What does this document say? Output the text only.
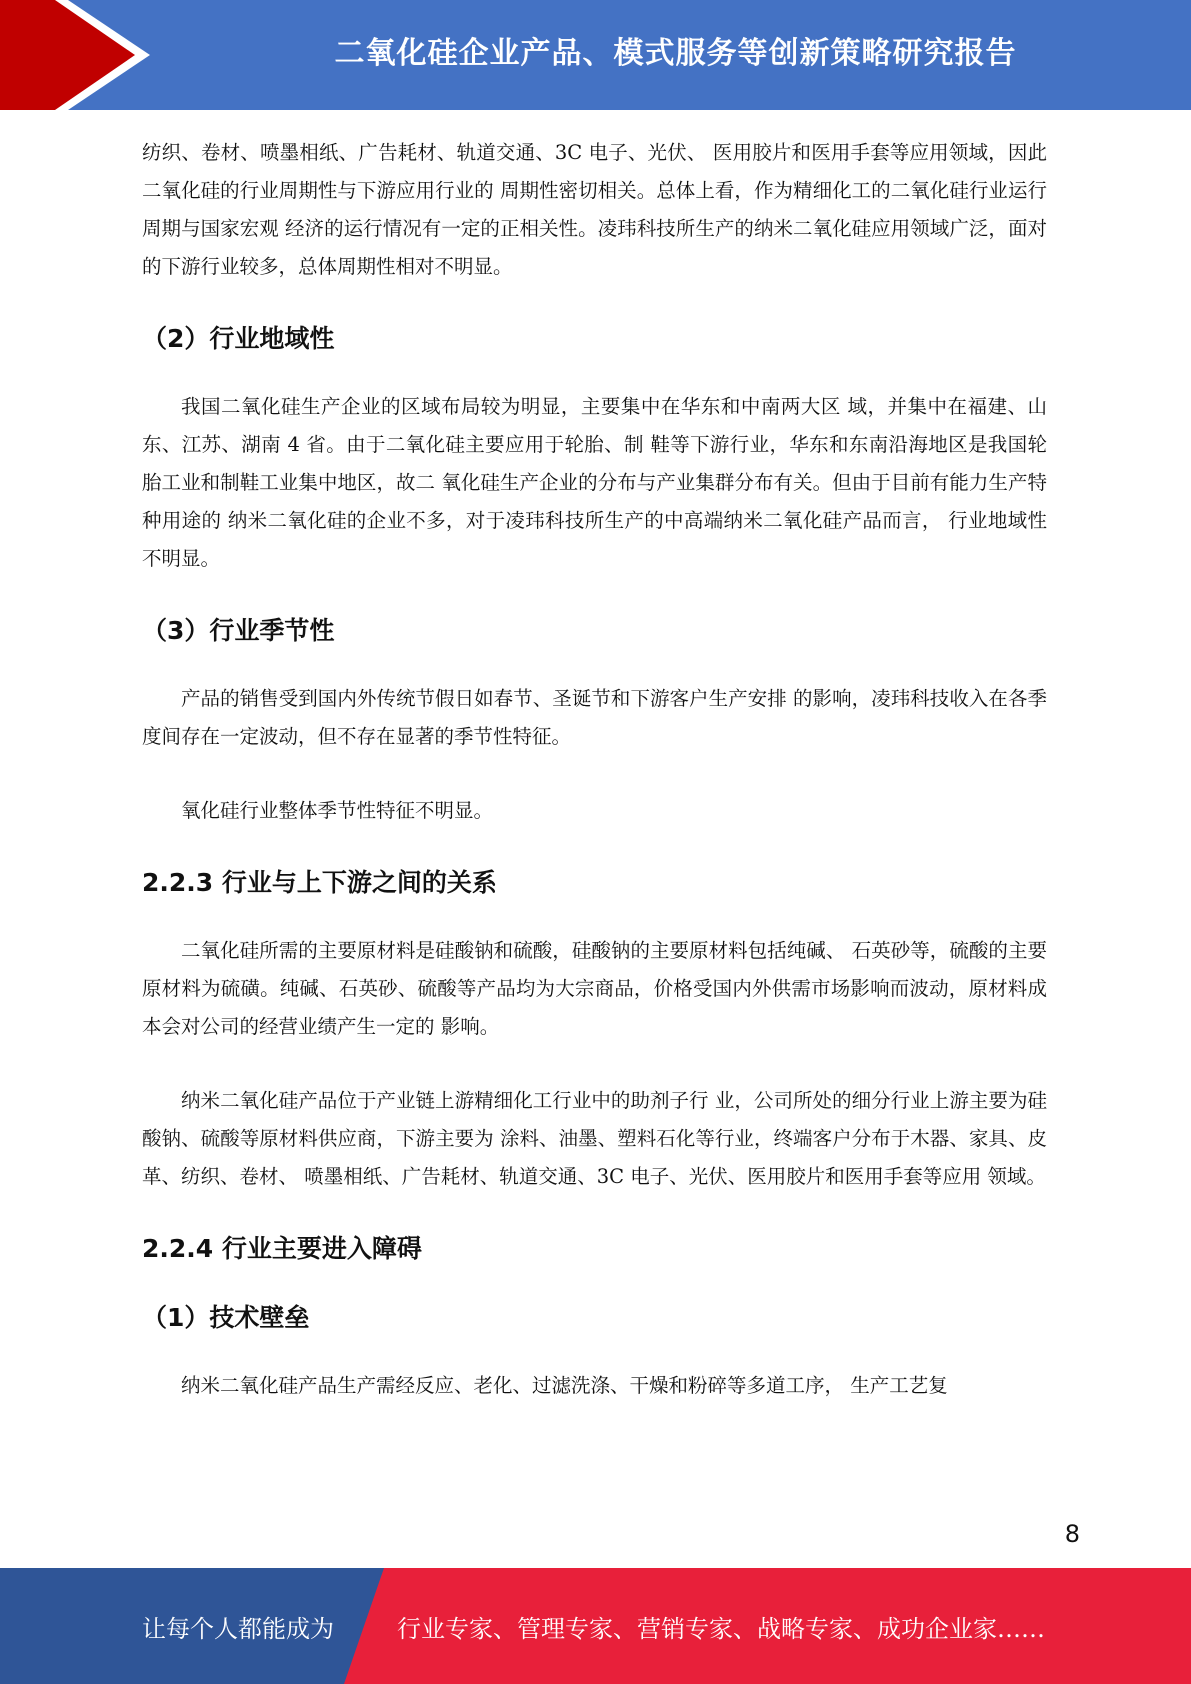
二氧化硅企业产品、模式服务等创新策略研究报告

纺织、卷材、喷墨相纸、广告耗材、轨道交通、3C 电子、光伏、 医用胶片和医用手套等应用领域，因此二氧化硅的行业周期性与下游应用行业的 周期性密切相关。总体上看，作为精细化工的二氧化硅行业运行周期与国家宏观 经济的运行情况有一定的正相关性。凌玮科技所生产的纳米二氧化硅应用领域广泛，面对的下游行业较多，总体周期性相对不明显。

（2）行业地域性

我国二氧化硅生产企业的区域布局较为明显，主要集中在华东和中南两大区 域，并集中在福建、山东、江苏、湖南 4 省。由于二氧化硅主要应用于轮胎、制 鞋等下游行业，华东和东南沿海地区是我国轮胎工业和制鞋工业集中地区，故二 氧化硅生产企业的分布与产业集群分布有关。但由于目前有能力生产特种用途的 纳米二氧化硅的企业不多，对于凌玮科技所生产的中高端纳米二氧化硅产品而言， 行业地域性不明显。

（3）行业季节性

产品的销售受到国内外传统节假日如春节、圣诞节和下游客户生产安排 的影响，凌玮科技收入在各季度间存在一定波动，但不存在显著的季节性特征。

氧化硅行业整体季节性特征不明显。

2.2.3 行业与上下游之间的关系

二氧化硅所需的主要原材料是硅酸钠和硫酸，硅酸钠的主要原材料包括纯碱、 石英砂等，硫酸的主要原材料为硫磺。纯碱、石英砂、硫酸等产品均为大宗商品，价格受国内外供需市场影响而波动，原材料成本会对公司的经营业绩产生一定的 影响。

纳米二氧化硅产品位于产业链上游精细化工行业中的助剂子行 业，公司所处的细分行业上游主要为硅酸钠、硫酸等原材料供应商，下游主要为 涂料、油墨、塑料石化等行业，终端客户分布于木器、家具、皮革、纺织、卷材、 喷墨相纸、广告耗材、轨道交通、3C 电子、光伏、医用胶片和医用手套等应用 领域。

2.2.4 行业主要进入障碍
（1）技术壁垒

纳米二氧化硅产品生产需经反应、老化、过滤洗涤、干燥和粉碎等多道工序， 生产工艺复

8
让每个人都能成为	行业专家、管理专家、营销专家、战略专家、成功企业家……
